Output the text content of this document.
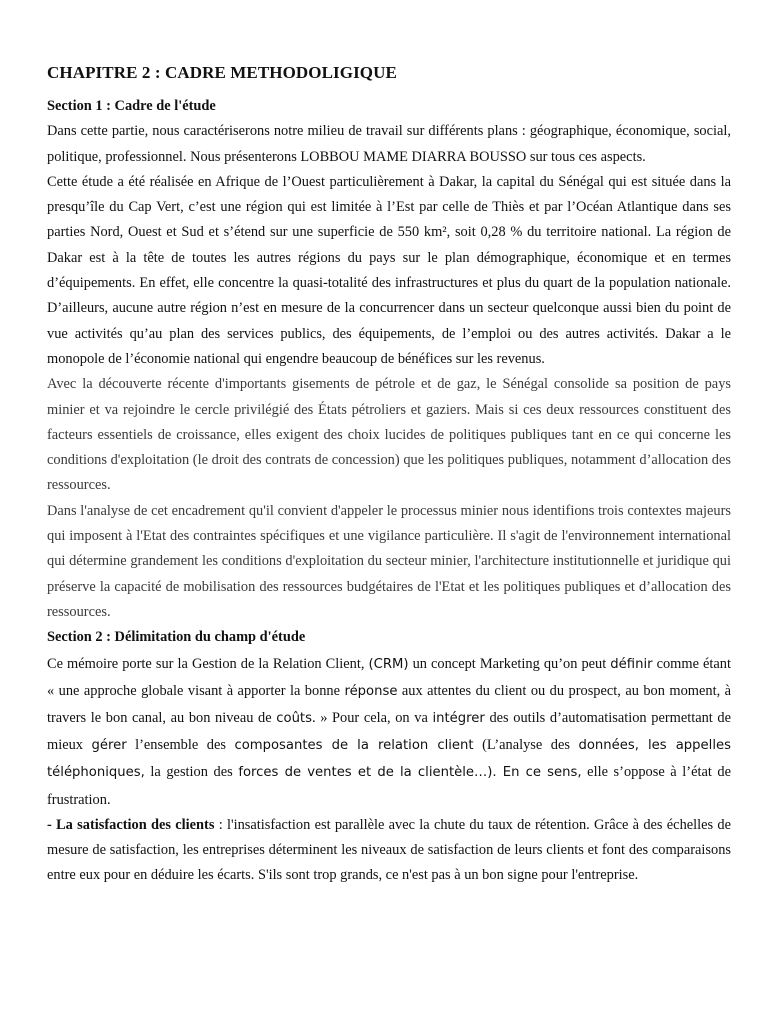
CHAPITRE 2 : CADRE METHODOLIGIQUE
Section 1 : Cadre de l'étude

Dans cette partie, nous caractériserons notre milieu de travail sur différents plans : géographique, économique, social, politique, professionnel. Nous présenterons LOBBOU MAME DIARRA BOUSSO sur tous ces aspects.

Cette étude a été réalisée en Afrique de l’Ouest particulièrement à Dakar, la capital du Sénégal qui est située dans la presqu’île du Cap Vert, c’est une région qui est limitée à l’Est par celle de Thiès et par l’Océan Atlantique dans ses parties Nord, Ouest et Sud et s’étend sur une superficie de 550 km², soit 0,28 % du territoire national. La région de Dakar est à la tête de toutes les autres régions du pays sur le plan démographique, économique et en termes d’équipements. En effet, elle concentre la quasi-totalité des infrastructures et plus du quart de la population nationale. D’ailleurs, aucune autre région n’est en mesure de la concurrencer dans un secteur quelconque aussi bien du point de vue activités qu’au plan des services publics, des équipements, de l’emploi ou des autres activités. Dakar a le monopole de l’économie national qui engendre beaucoup de bénéfices sur les revenus.

Avec la découverte récente d'importants gisements de pétrole et de gaz, le Sénégal consolide sa position de pays minier et va rejoindre le cercle privilégié des États pétroliers et gaziers. Mais si ces deux ressources constituent des facteurs essentiels de croissance, elles exigent des choix lucides de politiques publiques tant en ce qui concerne les conditions d'exploitation (le droit des contrats de concession) que les politiques publiques, notamment d’allocation des ressources.

Dans l'analyse de cet encadrement qu'il convient d'appeler le processus minier nous identifions trois contextes majeurs qui imposent à l'Etat des contraintes spécifiques et une vigilance particulière. Il s'agit de l'environnement international qui détermine grandement les conditions d'exploitation du secteur minier, l'architecture institutionnelle et juridique qui préserve la capacité de mobilisation des ressources budgétaires de l'Etat et les politiques publiques et d’allocation des ressources.

Section 2 : Délimitation du champ d'étude

Ce mémoire porte sur la Gestion de la Relation Client, (CRM) un concept Marketing qu’on peut définir comme étant « une approche globale visant à apporter la bonne réponse aux attentes du client ou du prospect, au bon moment, à travers le bon canal, au bon niveau de coûts. » Pour cela, on va intégrer des outils d’automatisation permettant de mieux gérer l’ensemble des composantes de la relation client (L’analyse des données, les appelles téléphoniques, la gestion des forces de ventes et de la clientèle…). En ce sens, elle s’oppose à l’état de frustration.

- La satisfaction des clients : l'insatisfaction est parallèle avec la chute du taux de rétention. Grâce à des échelles de mesure de satisfaction, les entreprises déterminent les niveaux de satisfaction de leurs clients et font des comparaisons entre eux pour en déduire les écarts. S'ils sont trop grands, ce n'est pas à un bon signe pour l'entreprise.
